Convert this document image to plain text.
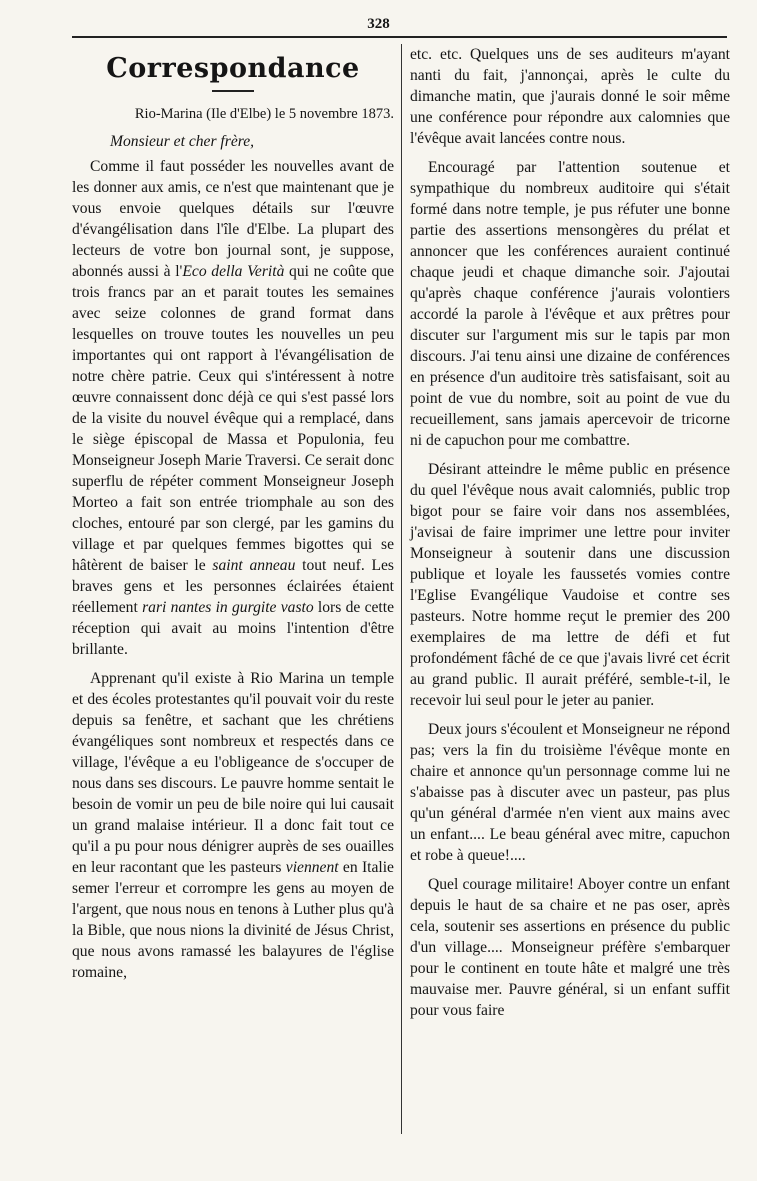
328
Correspondance

Rio-Marina (Ile d'Elbe) le 5 novembre 1873.

Monsieur et cher frère,

Comme il faut posséder les nouvelles avant de les donner aux amis, ce n'est que maintenant que je vous envoie quelques détails sur l'œuvre d'évangélisation dans l'île d'Elbe. La plupart des lecteurs de votre bon journal sont, je suppose, abonnés aussi à l'Eco della Verità qui ne coûte que trois francs par an et parait toutes les semaines avec seize colonnes de grand format dans lesquelles on trouve toutes les nouvelles un peu importantes qui ont rapport à l'évangélisation de notre chère patrie. Ceux qui s'intéressent à notre œuvre connaissent donc déjà ce qui s'est passé lors de la visite du nouvel évêque qui a remplacé, dans le siège épiscopal de Massa et Populonia, feu Monseigneur Joseph Marie Traversi. Ce serait donc superflu de répéter comment Monseigneur Joseph Morteo a fait son entrée triomphale au son des cloches, entouré par son clergé, par les gamins du village et par quelques femmes bigottes qui se hâtèrent de baiser le saint anneau tout neuf. Les braves gens et les personnes éclairées étaient réellement rari nantes in gurgite vasto lors de cette réception qui avait au moins l'intention d'être brillante.

Apprenant qu'il existe à Rio Marina un temple et des écoles protestantes qu'il pouvait voir du reste depuis sa fenêtre, et sachant que les chrétiens évangéliques sont nombreux et respectés dans ce village, l'évêque a eu l'obligeance de s'occuper de nous dans ses discours. Le pauvre homme sentait le besoin de vomir un peu de bile noire qui lui causait un grand malaise intérieur. Il a donc fait tout ce qu'il a pu pour nous dénigrer auprès de ses ouailles en leur racontant que les pasteurs viennent en Italie semer l'erreur et corrompre les gens au moyen de l'argent, que nous nous en tenons à Luther plus qu'à la Bible, que nous nions la divinité de Jésus Christ, que nous avons ramassé les balayures de l'église romaine,

etc. etc. Quelques uns de ses auditeurs m'ayant nanti du fait, j'annonçai, après le culte du dimanche matin, que j'aurais donné le soir même une conférence pour répondre aux calomnies que l'évêque avait lancées contre nous.

Encouragé par l'attention soutenue et sympathique du nombreux auditoire qui s'était formé dans notre temple, je pus réfuter une bonne partie des assertions mensongères du prélat et annoncer que les conférences auraient continué chaque jeudi et chaque dimanche soir. J'ajoutai qu'après chaque conférence j'aurais volontiers accordé la parole à l'évêque et aux prêtres pour discuter sur l'argument mis sur le tapis par mon discours. J'ai tenu ainsi une dizaine de conférences en présence d'un auditoire très satisfaisant, soit au point de vue du nombre, soit au point de vue du recueillement, sans jamais apercevoir de tricorne ni de capuchon pour me combattre.

Désirant atteindre le même public en présence du quel l'évêque nous avait calomniés, public trop bigot pour se faire voir dans nos assemblées, j'avisai de faire imprimer une lettre pour inviter Monseigneur à soutenir dans une discussion publique et loyale les faussetés vomies contre l'Eglise Evangélique Vaudoise et contre ses pasteurs. Notre homme reçut le premier des 200 exemplaires de ma lettre de défi et fut profondément fâché de ce que j'avais livré cet écrit au grand public. Il aurait préféré, semble-t-il, le recevoir lui seul pour le jeter au panier.

Deux jours s'écoulent et Monseigneur ne répond pas; vers la fin du troisième l'évêque monte en chaire et annonce qu'un personnage comme lui ne s'abaisse pas à discuter avec un pasteur, pas plus qu'un général d'armée n'en vient aux mains avec un enfant.... Le beau général avec mitre, capuchon et robe à queue!....

Quel courage militaire! Aboyer contre un enfant depuis le haut de sa chaire et ne pas oser, après cela, soutenir ses assertions en présence du public d'un village.... Monseigneur préfère s'embarquer pour le continent en toute hâte et malgré une très mauvaise mer. Pauvre général, si un enfant suffit pour vous faire
